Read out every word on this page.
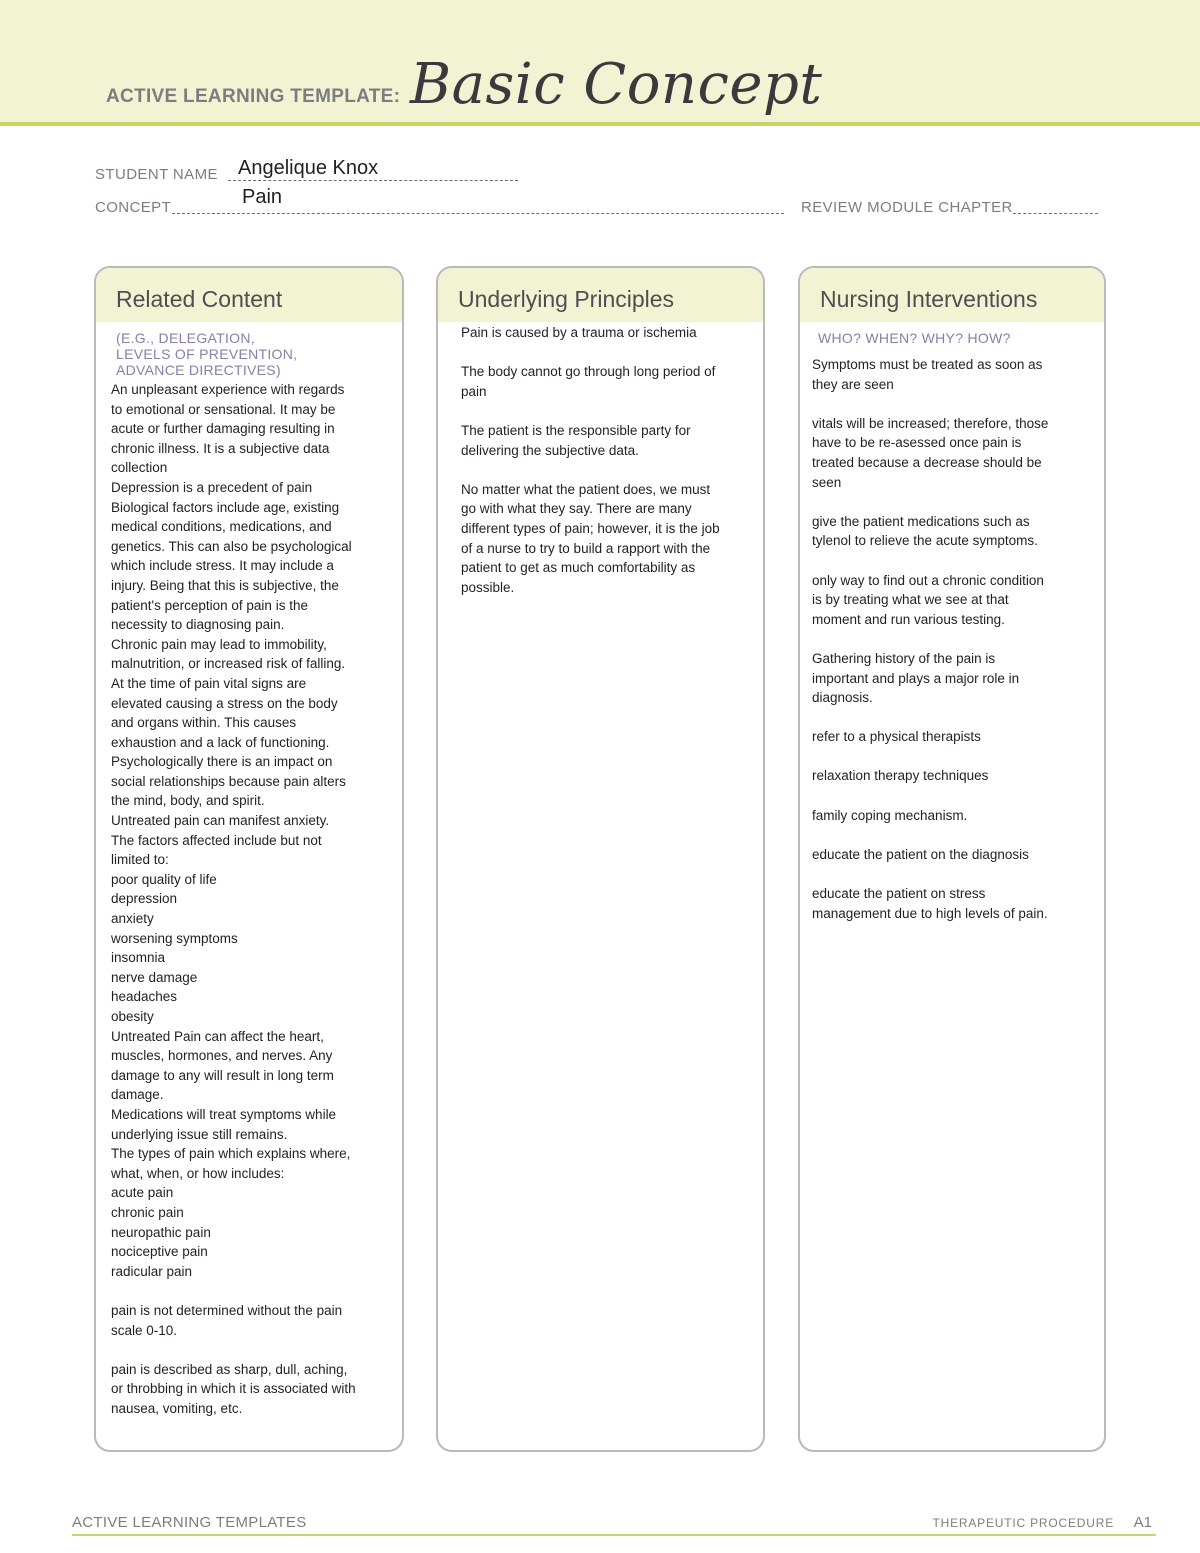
ACTIVE LEARNING TEMPLATE: Basic Concept
STUDENT NAME Angelique Knox
CONCEPT	Pain	REVIEW MODULE CHAPTER
Related Content
(E.G., DELEGATION,
LEVELS OF PREVENTION,
ADVANCE DIRECTIVES)

An unpleasant experience with regards

to emotional or sensational. It may be

acute or further damaging resulting in

chronic illness. It is a subjective data

collection

Depression is a precedent of pain

Biological factors include age, existing

medical conditions, medications, and

genetics. This can also be psychological

which include stress. It may include a

injury. Being that this is subjective, the

patient's perception of pain is the

necessity to diagnosing pain.

Chronic pain may lead to immobility,

malnutrition, or increased risk of falling.

At the time of pain vital signs are

elevated causing a stress on the body

and organs within. This causes

exhaustion and a lack of functioning.

Psychologically there is an impact on

social relationships because pain alters

the mind, body, and spirit.

Untreated pain can manifest anxiety.

The factors affected include but not

limited to:

poor quality of life

depression

anxiety

worsening symptoms

insomnia

nerve damage

headaches

obesity

Untreated Pain can affect the heart,

muscles, hormones, and nerves. Any

damage to any will result in long term

damage.

Medications will treat symptoms while

underlying issue still remains.

The types of pain which explains where,

what, when, or how includes:

acute pain

chronic pain

neuropathic pain

nociceptive pain

radicular pain

pain is not determined without the pain

scale 0-10.

pain is described as sharp, dull, aching,

or throbbing in which it is associated with

nausea, vomiting, etc.

Underlying Principles

Pain is caused by a trauma or ischemia

The body cannot go through long period of

pain

The patient is the responsible party for

delivering the subjective data.

No matter what the patient does, we must

go with what they say. There are many

different types of pain; however, it is the job

of a nurse to try to build a rapport with the

patient to get as much comfortability as

possible.

Nursing Interventions
WHO? WHEN? WHY? HOW?

Symptoms must be treated as soon as

they are seen

vitals will be increased; therefore, those

have to be re-asessed once pain is

treated because a decrease should be

seen

give the patient medications such as

tylenol to relieve the acute symptoms.

only way to find out a chronic condition

is by treating what we see at that

moment and run various testing.

Gathering history of the pain is

important and plays a major role in

diagnosis.

refer to a physical therapists

relaxation therapy techniques

family coping mechanism.

educate the patient on the diagnosis

educate the patient on stress

management due to high levels of pain.

ACTIVE LEARNING TEMPLATES	THERAPEUTIC PROCEDURE A1
